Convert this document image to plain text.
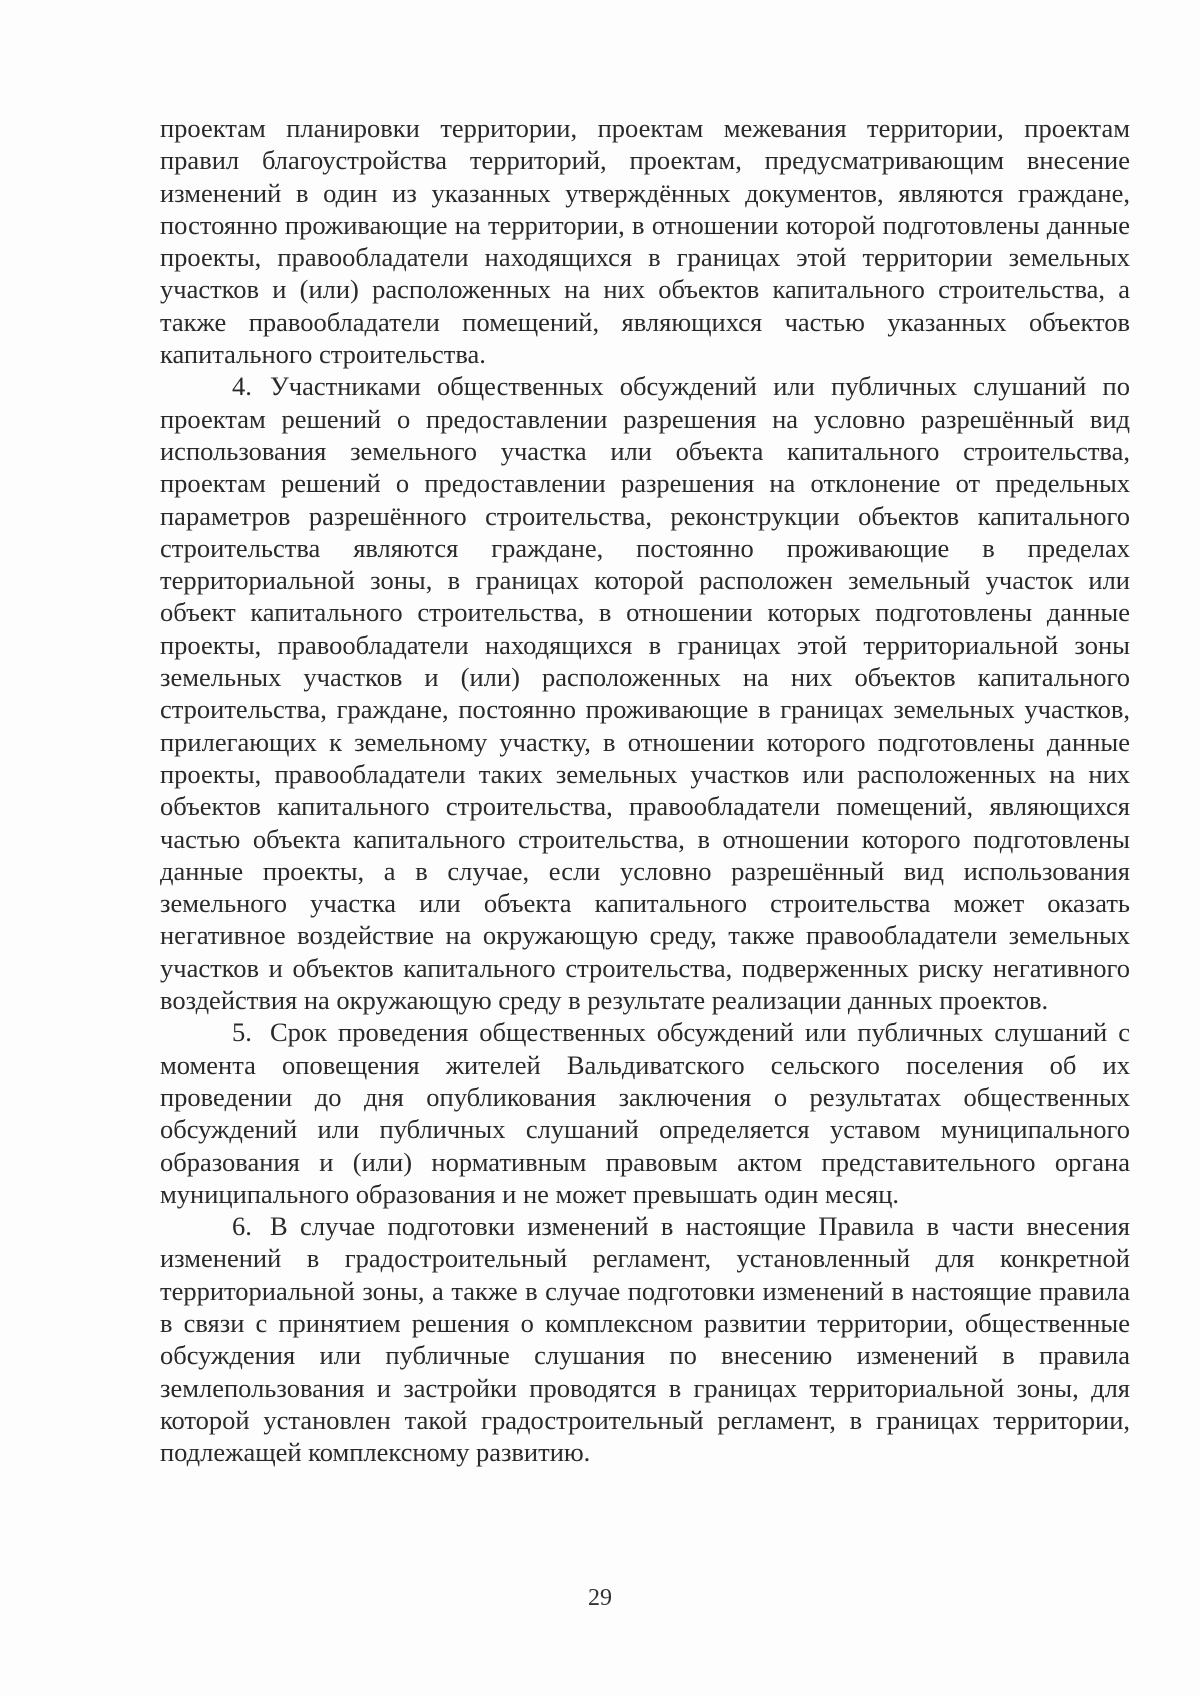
проектам планировки территории, проектам межевания территории, проектам правил благоустройства территорий, проектам, предусматривающим внесение изменений в один из указанных утверждённых документов, являются граждане, постоянно проживающие на территории, в отношении которой подготовлены данные проекты, правообладатели находящихся в границах этой территории земельных участков и (или) расположенных на них объектов капитального строительства, а также правообладатели помещений, являющихся частью указанных объектов капитального строительства.

4. Участниками общественных обсуждений или публичных слушаний по проектам решений о предоставлении разрешения на условно разрешённый вид использования земельного участка или объекта капитального строительства, проектам решений о предоставлении разрешения на отклонение от предельных параметров разрешённого строительства, реконструкции объектов капитального строительства являются граждане, постоянно проживающие в пределах территориальной зоны, в границах которой расположен земельный участок или объект капитального строительства, в отношении которых подготовлены данные проекты, правообладатели находящихся в границах этой территориальной зоны земельных участков и (или) расположенных на них объектов капитального строительства, граждане, постоянно проживающие в границах земельных участков, прилегающих к земельному участку, в отношении которого подготовлены данные проекты, правообладатели таких земельных участков или расположенных на них объектов капитального строительства, правообладатели помещений, являющихся частью объекта капитального строительства, в отношении которого подготовлены данные проекты, а в случае, если условно разрешённый вид использования земельного участка или объекта капитального строительства может оказать негативное воздействие на окружающую среду, также правообладатели земельных участков и объектов капитального строительства, подверженных риску негативного воздействия на окружающую среду в результате реализации данных проектов.

5. Срок проведения общественных обсуждений или публичных слушаний с момента оповещения жителей Вальдиватского сельского поселения об их проведении до дня опубликования заключения о результатах общественных обсуждений или публичных слушаний определяется уставом муниципального образования и (или) нормативным правовым актом представительного органа муниципального образования и не может превышать один месяц.

6. В случае подготовки изменений в настоящие Правила в части внесения изменений в градостроительный регламент, установленный для конкретной территориальной зоны, а также в случае подготовки изменений в настоящие правила в связи с принятием решения о комплексном развитии территории, общественные обсуждения или публичные слушания по внесению изменений в правила землепользования и застройки проводятся в границах территориальной зоны, для которой установлен такой градостроительный регламент, в границах территории, подлежащей комплексному развитию.

29
